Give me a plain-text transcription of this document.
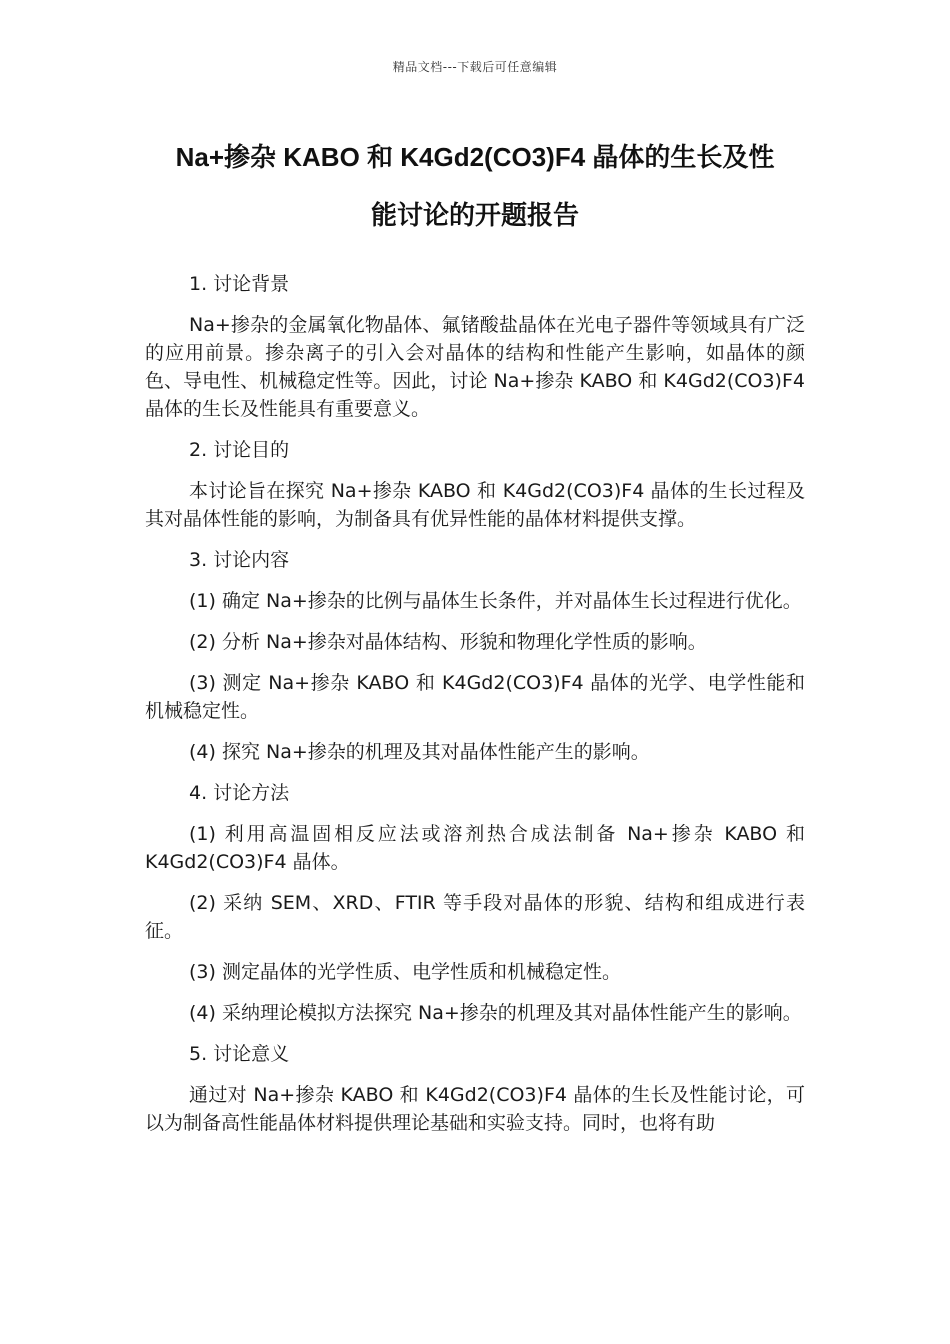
精品文档---下载后可任意编辑
Na+掺杂 KABO 和 K4Gd2(CO3)F4 晶体的生长及性
能讨论的开题报告

1. 讨论背景

Na+掺杂的金属氧化物晶体、氟锗酸盐晶体在光电子器件等领域具有广泛的应用前景。掺杂离子的引入会对晶体的结构和性能产生影响，如晶体的颜色、导电性、机械稳定性等。因此，讨论 Na+掺杂 KABO 和 K4Gd2(CO3)F4 晶体的生长及性能具有重要意义。

2. 讨论目的

本讨论旨在探究 Na+掺杂 KABO 和 K4Gd2(CO3)F4 晶体的生长过程及其对晶体性能的影响，为制备具有优异性能的晶体材料提供支撑。

3. 讨论内容

(1) 确定 Na+掺杂的比例与晶体生长条件，并对晶体生长过程进行优化。

(2) 分析 Na+掺杂对晶体结构、形貌和物理化学性质的影响。

(3) 测定 Na+掺杂 KABO 和 K4Gd2(CO3)F4 晶体的光学、电学性能和机械稳定性。

(4) 探究 Na+掺杂的机理及其对晶体性能产生的影响。

4. 讨论方法

(1) 利用高温固相反应法或溶剂热合成法制备 Na+掺杂 KABO 和 K4Gd2(CO3)F4 晶体。

(2) 采纳 SEM、XRD、FTIR 等手段对晶体的形貌、结构和组成进行表征。

(3) 测定晶体的光学性质、电学性质和机械稳定性。

(4) 采纳理论模拟方法探究 Na+掺杂的机理及其对晶体性能产生的影响。

5. 讨论意义

通过对 Na+掺杂 KABO 和 K4Gd2(CO3)F4 晶体的生长及性能讨论，可以为制备高性能晶体材料提供理论基础和实验支持。同时，也将有助
